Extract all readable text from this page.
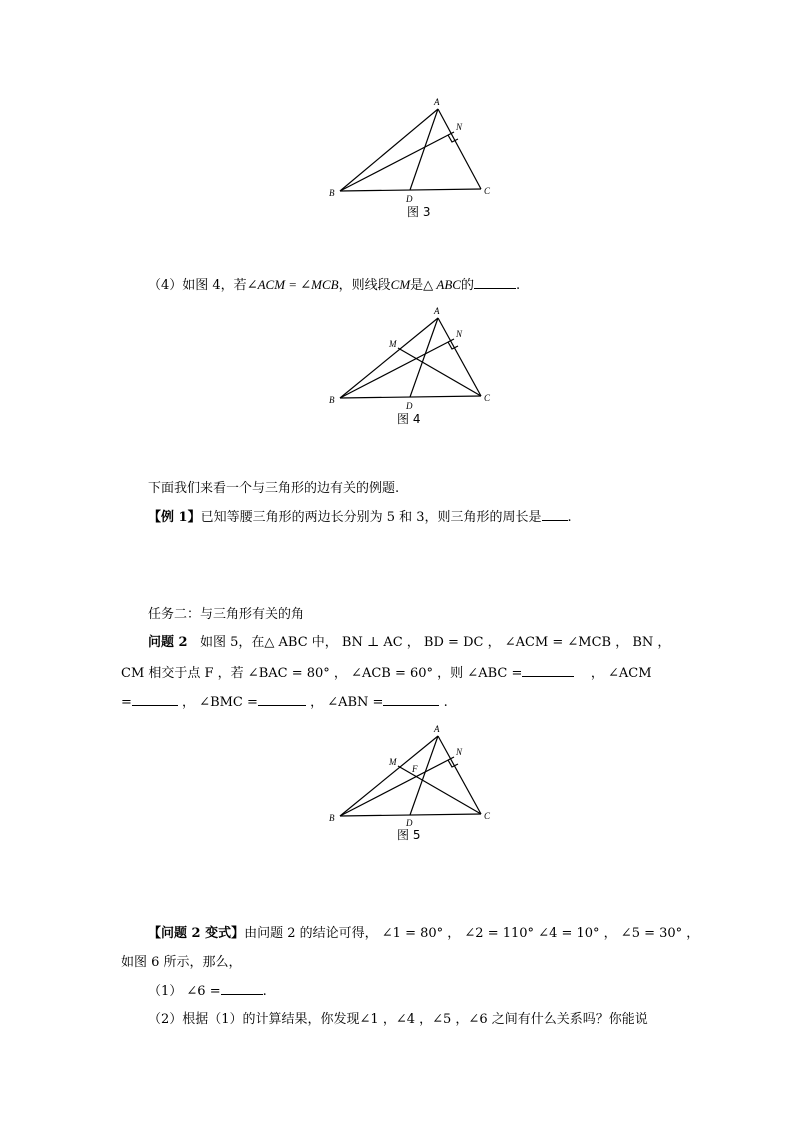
A
N
B
D
C
图 3
（4）如图 4，若∠ACM = ∠MCB，则线段CM是△ ABC的	.
A
N
M
B
D
C
图 4
下面我们来看一个与三角形的边有关的例题.
【例 1】已知等腰三角形的两边长分别为 5 和 3，则三角形的周长是 .
任务二：与三角形有关的角
问题 2 如图 5，在△ ABC 中， BN ⊥ AC ， BD = DC ， ∠ACM = ∠MCB ， BN ，
CM 相交于点 F ，若 ∠BAC = 80° ， ∠ACB = 60° ，则 ∠ABC =	， ∠ACM
=	， ∠BMC =	， ∠ABN =	.
A
N
M
F
B	D
C
图 5
【问题 2 变式】由问题 2 的结论可得， ∠1 = 80° ， ∠2 = 110° ∠4 = 10° ， ∠5 = 30° ，
如图 6 所示，那么，
（1） ∠6 =	.
（2）根据（1）的计算结果，你发现∠1 ，∠4 ，∠5 ，∠6 之间有什么关系吗？你能说
